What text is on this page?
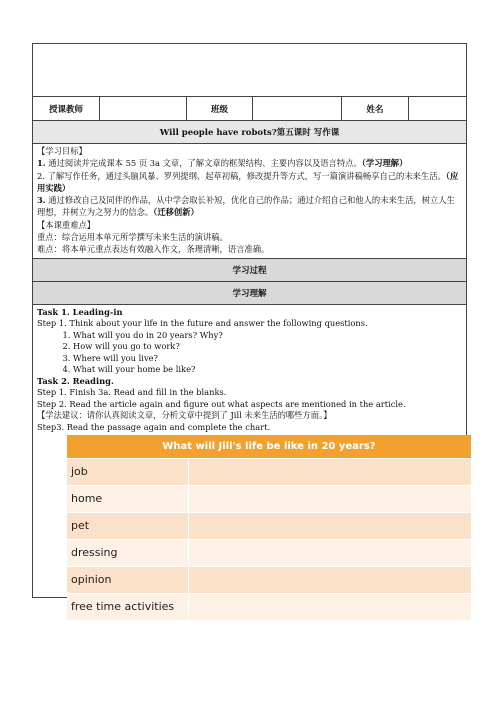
授课教师	班级	姓名
Will people have robots?第五课时 写作课

【学习目标】

1. 通过阅读并完成课本 55 页 3a 文章，了解文章的框架结构、主要内容以及语言特点。（学习理解）

2. 了解写作任务，通过头脑风暴、罗列提纲、起草初稿，修改提升等方式，写一篇演讲稿畅享自己的未来生活。（应用实践）

3. 通过修改自己及同伴的作品，从中学会取长补短，优化自己的作品；通过介绍自己和他人的未来生活，树立人生理想，并树立为之努力的信念。（迁移创新）

【本课重难点】

重点：综合运用本单元所学撰写未来生活的演讲稿。

难点：将本单元重点表达有效融入作文，条理清晰，语言准确。

学习过程
学习理解

Task 1. Leading-in

Step 1. Think about your life in the future and answer the following questions.

1. What will you do in 20 years? Why?
2. How will you go to work?
3. Where will you live?
4. What will your home be like?

Task 2. Reading.

Step 1. Finish 3a. Read and fill in the blanks.

Step 2. Read the article again and figure out what aspects are mentioned in the article.

【学法建议：请你认真阅读文章，分析文章中提到了 Jill 未来生活的哪些方面。】

Step3. Read the passage again and complete the chart.

What will Jill's life be like in 20 years?
job
home
pet
dressing
opinion
free time activities
